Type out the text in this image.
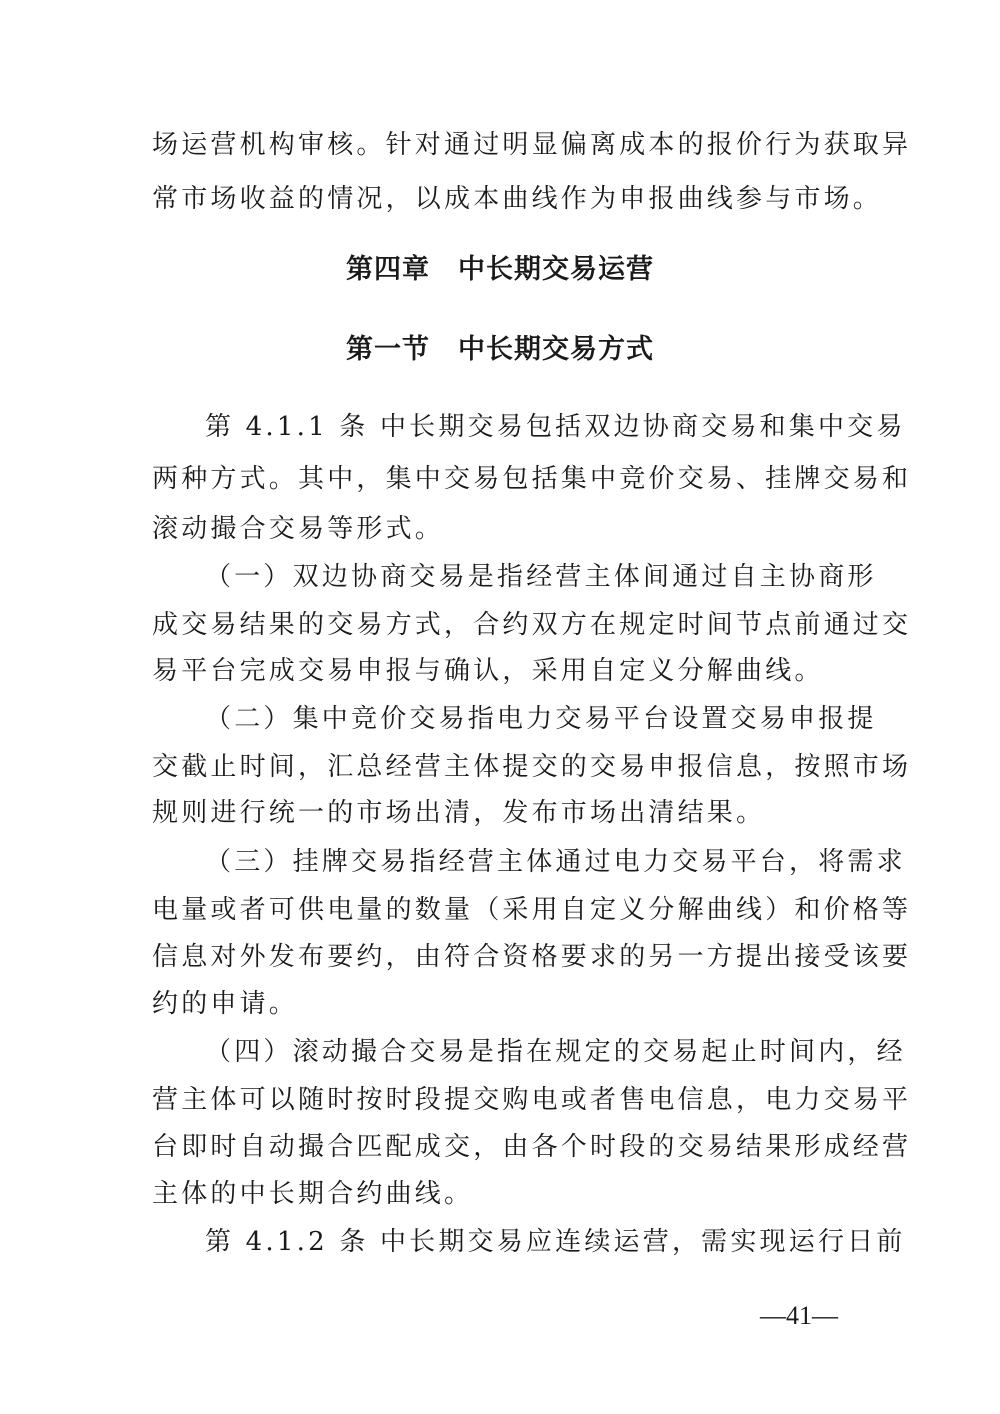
场运营机构审核。针对通过明显偏离成本的报价行为获取异
常市场收益的情况，以成本曲线作为申报曲线参与市场。
第四章　中长期交易运营
第一节　中长期交易方式
第 4.1.1 条 中长期交易包括双边协商交易和集中交易
两种方式。其中，集中交易包括集中竞价交易、挂牌交易和
滚动撮合交易等形式。
（一）双边协商交易是指经营主体间通过自主协商形
成交易结果的交易方式，合约双方在规定时间节点前通过交
易平台完成交易申报与确认，采用自定义分解曲线。
（二）集中竞价交易指电力交易平台设置交易申报提
交截止时间，汇总经营主体提交的交易申报信息，按照市场
规则进行统一的市场出清，发布市场出清结果。
（三）挂牌交易指经营主体通过电力交易平台，将需求
电量或者可供电量的数量（采用自定义分解曲线）和价格等
信息对外发布要约，由符合资格要求的另一方提出接受该要
约的申请。
（四）滚动撮合交易是指在规定的交易起止时间内，经
营主体可以随时按时段提交购电或者售电信息，电力交易平
台即时自动撮合匹配成交，由各个时段的交易结果形成经营
主体的中长期合约曲线。
第 4.1.2 条 中长期交易应连续运营，需实现运行日前
—41—
